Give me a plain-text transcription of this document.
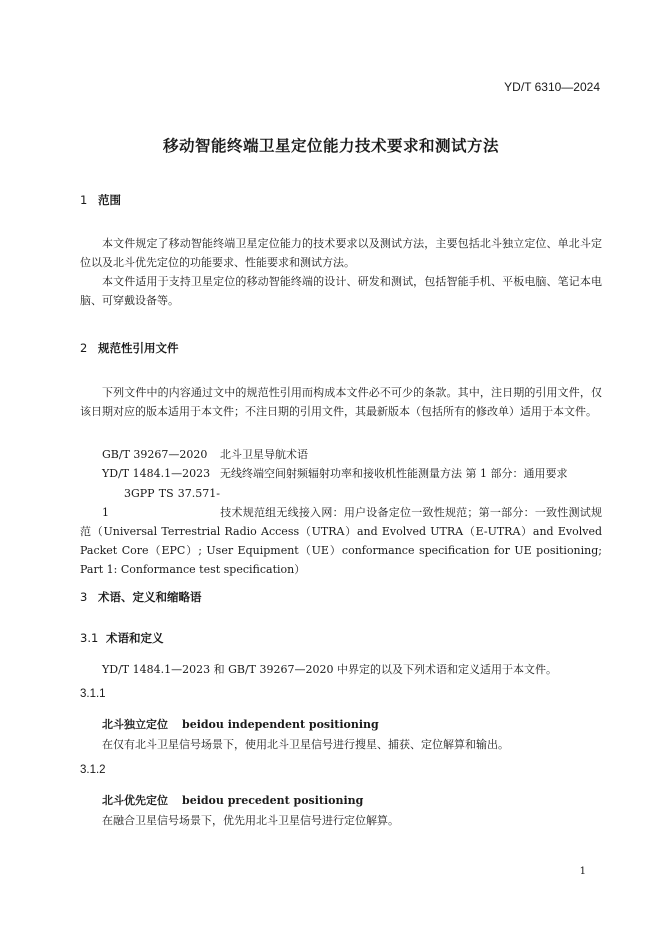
YD/T 6310—2024
移动智能终端卫星定位能力技术要求和测试方法
1 范围

本文件规定了移动智能终端卫星定位能力的技术要求以及测试方法，主要包括北斗独立定位、单北斗定位以及北斗优先定位的功能要求、性能要求和测试方法。

本文件适用于支持卫星定位的移动智能终端的设计、研发和测试，包括智能手机、平板电脑、笔记本电脑、可穿戴设备等。

2 规范性引用文件

下列文件中的内容通过文中的规范性引用而构成本文件必不可少的条款。其中，注日期的引用文件，仅该日期对应的版本适用于本文件；不注日期的引用文件，其最新版本（包括所有的修改单）适用于本文件。

GB/T 39267—2020 北斗卫星导航术语
YD/T 1484.1—2023 无线终端空间射频辐射功率和接收机性能测量方法 第 1 部分：通用要求

3GPP TS 37.571-1	技术规范组无线接入网：用户设备定位一致性规范；第一部分：一致性测试规范（Universal Terrestrial Radio Access（UTRA）and Evolved UTRA（E-UTRA）and Evolved Packet Core（EPC）; User Equipment（UE）conformance specification for UE positioning; Part 1: Conformance test specification）

3 术语、定义和缩略语
3.1 术语和定义

YD/T 1484.1—2023 和 GB/T 39267—2020 中界定的以及下列术语和定义适用于本文件。

3.1.1
北斗独立定位 beidou independent positioning
在仅有北斗卫星信号场景下，使用北斗卫星信号进行搜星、捕获、定位解算和输出。
3.1.2
北斗优先定位 beidou precedent positioning
在融合卫星信号场景下，优先用北斗卫星信号进行定位解算。
1
